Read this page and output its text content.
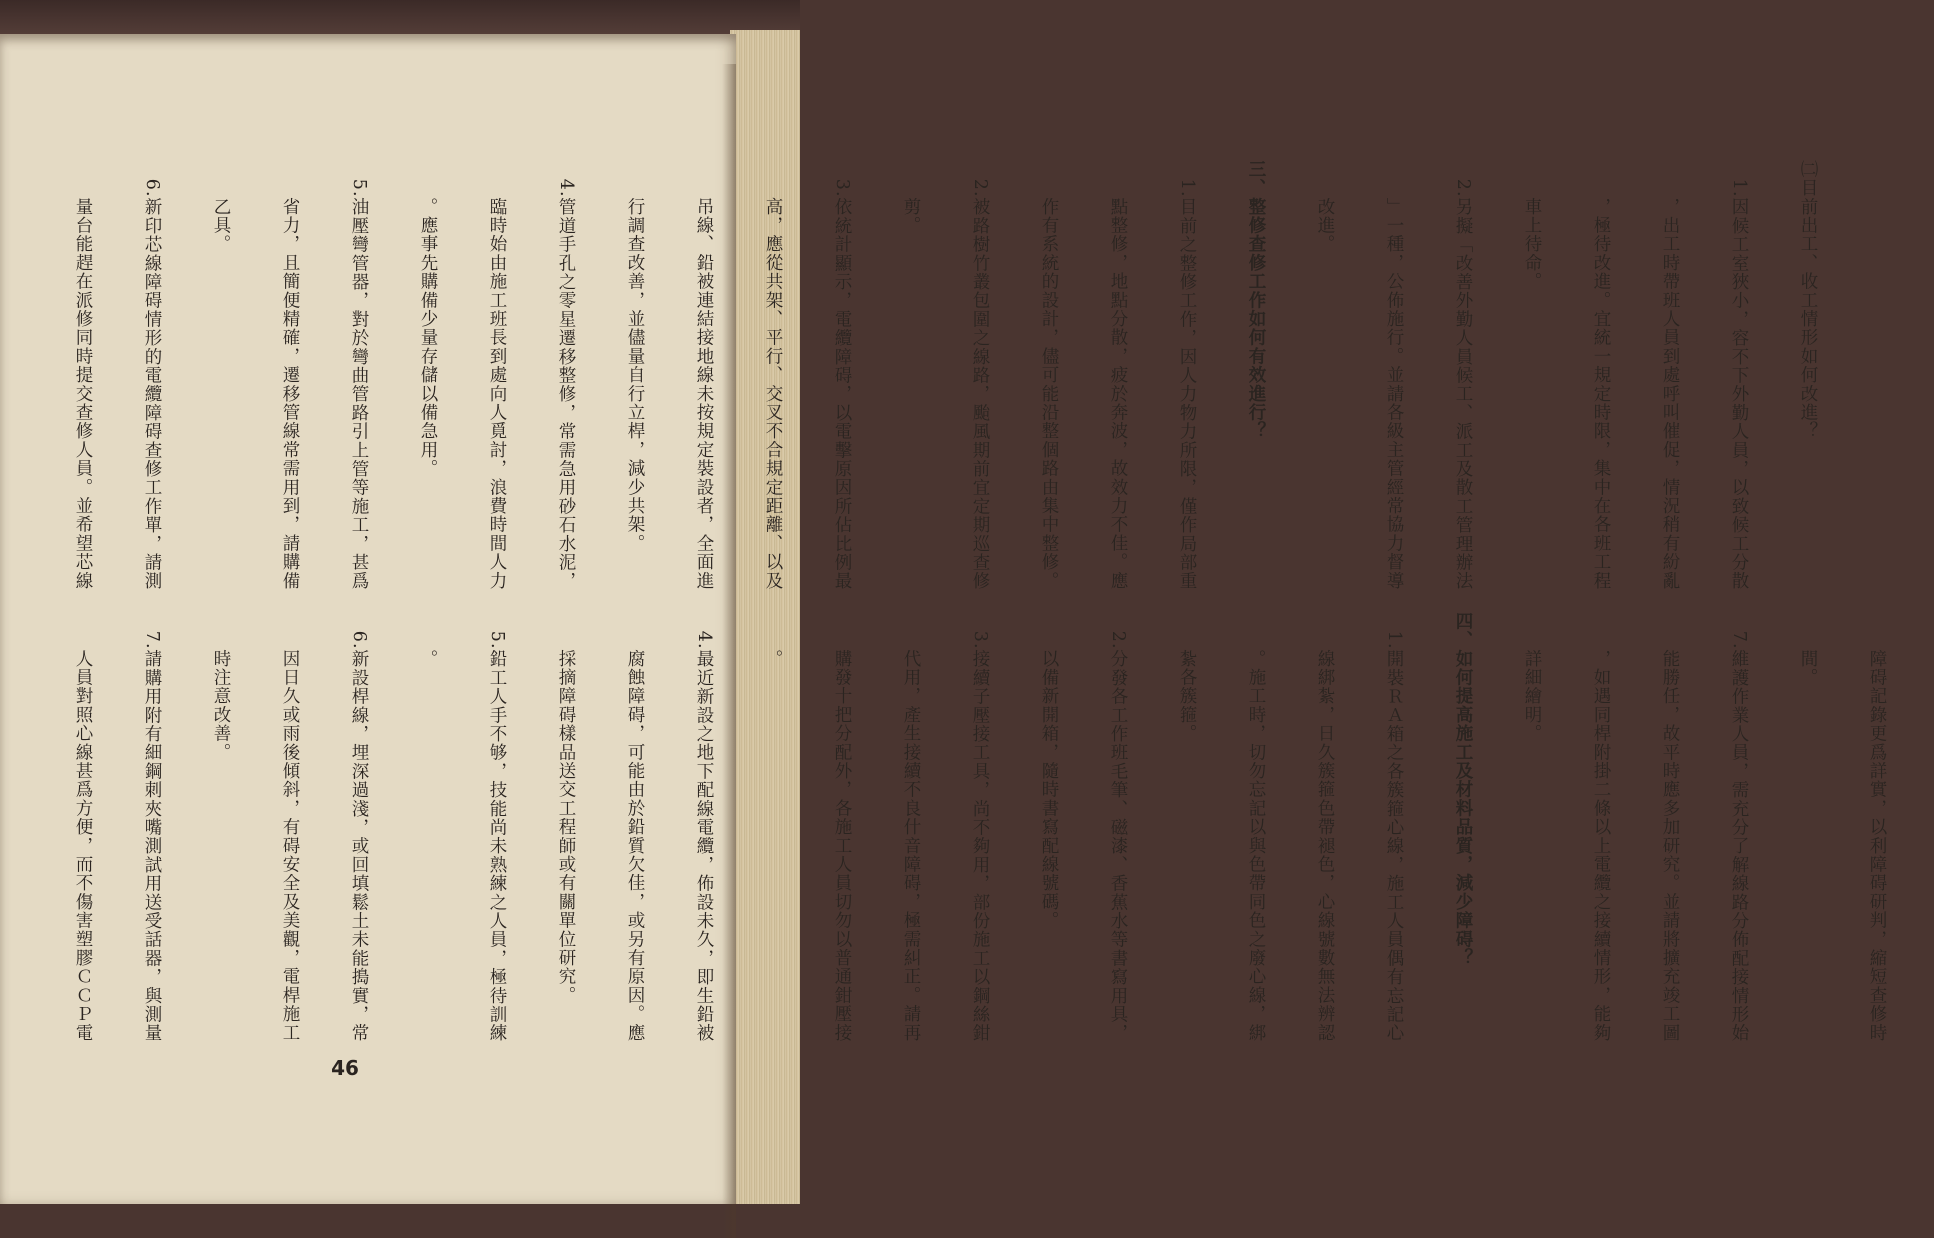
㈡目前出工、收工情形如何改進？

　1.因候工室狹小，容不下外勤人員，以致候工分散

　　，出工時帶班人員到處呼叫催促，情況稍有紛亂

　　，極待改進。宜統一規定時限，集中在各班工程

　　車上待命。

　2.另擬「改善外勤人員候工、派工及散工管理辦法

　　」一種，公佈施行。並請各級主管經常協力督導

　　改進。

三、整修查修工作如何有效進行？

　1.目前之整修工作，因人力物力所限，僅作局部重

　　點整修，地點分散，疲於奔波，故效力不佳。應

　　作有系統的設計，儘可能沿整個路由集中整修。

　2.被路樹竹叢包圍之線路，颱風期前宜定期巡查修

　　剪。

　3.依統計顯示，電纜障碍，以電擊原因所佔比例最

　　高，應從共架、平行、交叉不合規定距離、以及

　　吊線、鉛被連結接地線未按規定裝設者，全面進

　　行調查改善，並儘量自行立桿，減少共架。

　4.管道手孔之零星遷移整修，常需急用砂石水泥，

　　臨時始由施工班長到處向人覓討，浪費時間人力

　　。應事先購備少量存儲以備急用。

　5.油壓彎管器，對於彎曲管路引上管等施工，甚爲

　　省力，且簡便精確，遷移管線常需用到，請購備

　　乙具。

　6.新印芯線障碍情形的電纜障碍查修工作單，請測

　　量台能趕在派修同時提交查修人員。並希望芯線

　　障碍記錄更爲詳實，以利障碍研判，縮短查修時

　　間。

　7.維護作業人員，需充分了解線路分佈配接情形始

　　能勝任，故平時應多加研究。並請將擴充竣工圖

　　，如遇同桿附掛二條以上電纜之接續情形，能夠

　　詳細繪明。

四、如何提高施工及材料品質，減少障碍？

　1.開裝ＲＡ箱之各簇箍心線，施工人員偶有忘記心

　　線綁紮，日久簇箍色帶褪色，心線號數無法辨認

　　。施工時，切勿忘記以與色帶同色之廢心線，綁

　　紮各簇箍。

　2.分發各工作班毛筆、磁漆、香蕉水等書寫用具，

　　以備新開箱，隨時書寫配線號碼。

　3.接續子壓接工具，尚不夠用，部份施工以鋼絲鉗

　　代用，產生接續不良什音障碍，極需糾正。請再

　　購發十把分配外，各施工人員切勿以普通鉗壓接

　　。

　4.最近新設之地下配線電纜，佈設未久，即生鉛被

　　腐蝕障碍，可能由於鉛質欠佳，或另有原因。應

　　採摘障碍樣品送交工程師或有關單位研究。

　5.鉛工人手不够，技能尚未熟練之人員，極待訓練

　　。

　6.新設桿線，埋深過淺，或回填鬆土未能搗實，常

　　因日久或雨後傾斜，有碍安全及美觀，電桿施工

　　時注意改善。

　7.請購用附有細鋼刺夾嘴測試用送受話器，與測量

　　人員對照心線甚爲方便，而不傷害塑膠ＣＣＰ電

46
